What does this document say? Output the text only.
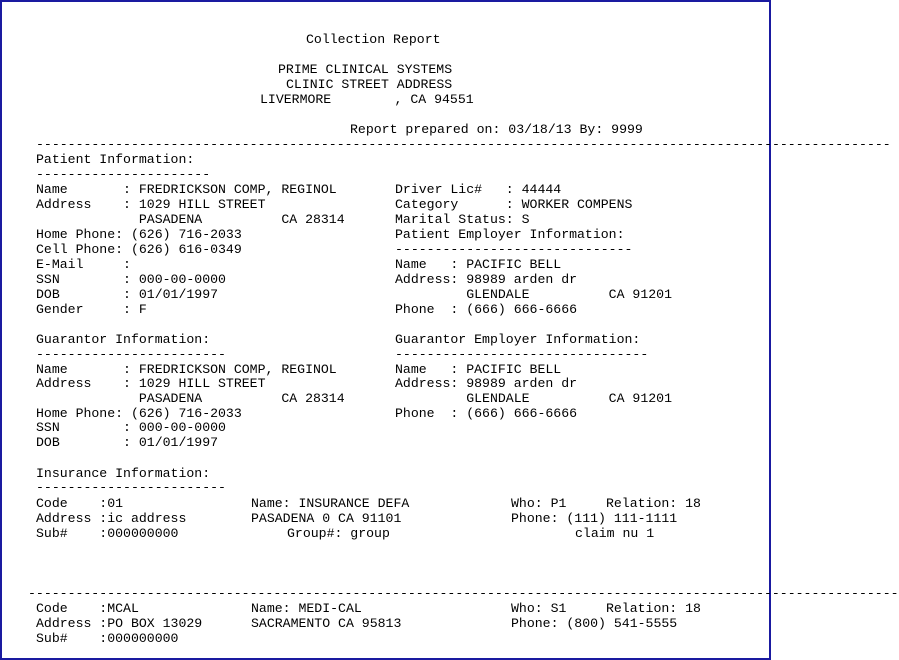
Collection Report
PRIME CLINICAL SYSTEMS
CLINIC STREET ADDRESS
LIVERMORE        , CA 94551
Report prepared on: 03/18/13 By: 9999
------------------------------------------------------------------------------------------------------------
Patient Information:
----------------------
Name       : FREDRICKSON COMP, REGINOL
Address    : 1029 HILL STREET
PASADENA          CA 28314
Home Phone: (626) 716-2033
Cell Phone: (626) 616-0349
E-Mail     :
SSN        : 000-00-0000
DOB        : 01/01/1997
Gender     : F
Driver Lic#   : 44444
Category      : WORKER COMPENS
Marital Status: S
Patient Employer Information:
------------------------------
Name   : PACIFIC BELL
Address: 98989 arden dr
GLENDALE          CA 91201
Phone  : (666) 666-6666
Guarantor Information:
------------------------
Name       : FREDRICKSON COMP, REGINOL
Address    : 1029 HILL STREET
PASADENA          CA 28314
Home Phone: (626) 716-2033
SSN        : 000-00-0000
DOB        : 01/01/1997
Guarantor Employer Information:
--------------------------------
Name   : PACIFIC BELL
Address: 98989 arden dr
GLENDALE          CA 91201
Phone  : (666) 666-6666
Insurance Information:
------------------------
Code    :01
Address :ic address
Sub#    :000000000
Name: INSURANCE DEFA
PASADENA 0 CA 91101
Group#: group
Who: P1     Relation: 18
Phone: (111) 111-1111
claim nu 1
--------------------------------------------------------------------------------------------------------------
Code    :MCAL
Address :PO BOX 13029
Sub#    :000000000
Name: MEDI-CAL
SACRAMENTO CA 95813
Who: S1     Relation: 18
Phone: (800) 541-5555
